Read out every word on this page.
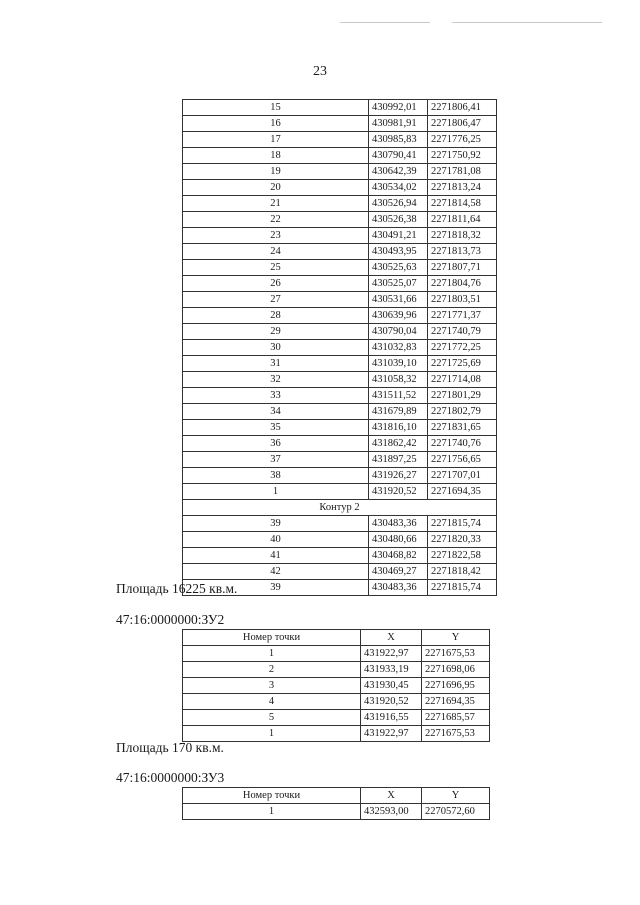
23
15	430992,01	2271806,41
16	430981,91	2271806,47
17	430985,83	2271776,25
18	430790,41	2271750,92
19	430642,39	2271781,08
20	430534,02	2271813,24
21	430526,94	2271814,58
22	430526,38	2271811,64
23	430491,21	2271818,32
24	430493,95	2271813,73
25	430525,63	2271807,71
26	430525,07	2271804,76
27	430531,66	2271803,51
28	430639,96	2271771,37
29	430790,04	2271740,79
30	431032,83	2271772,25
31	431039,10	2271725,69
32	431058,32	2271714,08
33	431511,52	2271801,29
34	431679,89	2271802,79
35	431816,10	2271831,65
36	431862,42	2271740,76
37	431897,25	2271756,65
38	431926,27	2271707,01
1	431920,52	2271694,35
Контур 2		
39	430483,36	2271815,74
40	430480,66	2271820,33
41	430468,82	2271822,58
42	430469,27	2271818,42
39	430483,36	2271815,74
Площадь 16225 кв.м.
47:16:0000000:ЗУ2
Номер точки	X	Y
1	431922,97	2271675,53
2	431933,19	2271698,06
3	431930,45	2271696,95
4	431920,52	2271694,35
5	431916,55	2271685,57
1	431922,97	2271675,53
Площадь 170 кв.м.
47:16:0000000:ЗУ3
Номер точки	X	Y
1	432593,00	2270572,60
